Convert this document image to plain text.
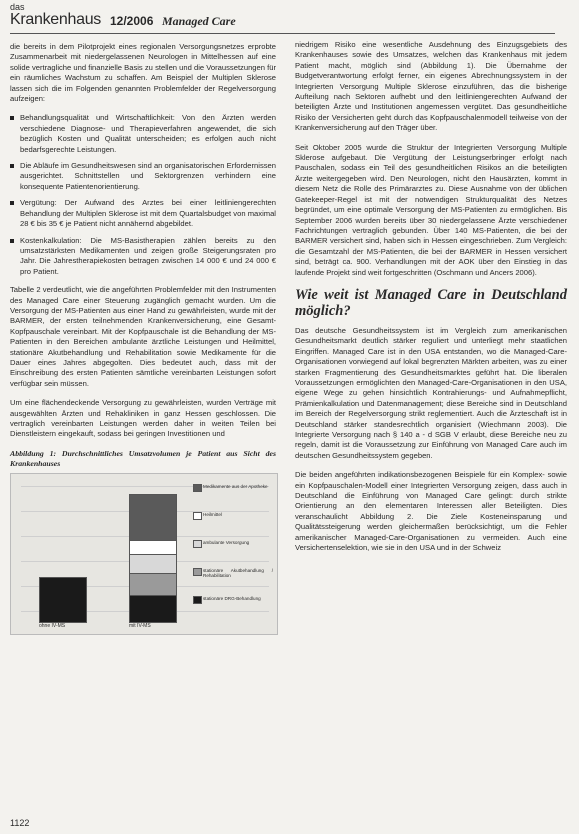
das
Krankenhaus 12/2006 Managed Care

die bereits in dem Pilotprojekt eines regionalen Versorgungsnetzes erprobte Zusammenarbeit mit niedergelassenen Neurologen in Mittelhessen auf eine solide vertragliche und finanzielle Basis zu stellen und die Voraussetzungen für ein räumliches Wachstum zu schaffen. Am Beispiel der Multiplen Sklerose lassen sich die im Folgenden genannten Problemfelder der Regelversorgung aufzeigen:

Behandlungsqualität und Wirtschaftlichkeit: Von den Ärzten werden verschiedene Diagnose- und Therapieverfahren angewendet, die sich bezüglich Kosten und Qualität unterscheiden; es erfolgen auch nicht bedarfsgerechte Leistungen.
Die Abläufe im Gesundheitswesen sind an organisatorischen Erfordernissen ausgerichtet. Schnittstellen und Sektorgrenzen verhindern eine konsequente Patientenorientierung.
Vergütung: Der Aufwand des Arztes bei einer leitliniengerechten Behandlung der Multiplen Sklerose ist mit dem Quartalsbudget von maximal 28 € bis 35 € je Patient nicht annähernd abgebildet.
Kostenkalkulation: Die MS-Basistherapien zählen bereits zu den umsatzstärksten Medikamenten und zeigen große Steigerungsraten pro Jahr. Die Jahrestherapiekosten betragen zwischen 14 000 € und 24 000 € pro Patient.

Tabelle 2 verdeutlicht, wie die angeführten Problemfelder mit den Instrumenten des Managed Care einer Steuerung zugänglich gemacht wurden. Um die Versorgung der MS-Patienten aus einer Hand zu gewährleisten, wurde mit der BARMER, der ersten teilnehmenden Krankenversicherung, eine Gesamt-Kopfpauschale vereinbart. Mit der Kopfpauschale ist die Behandlung der MS-Patienten in den Bereichen ambulante ärztliche Leistungen und Heilmittel, stationäre Akutbehandlung und Rehabilitation sowie Medikamente für die Dauer eines Jahres abgegolten. Dies bedeutet auch, dass mit der Einschreibung des ersten Patienten sämtliche vereinbarten Leistungen sofort verfügbar sein müssen.

Um eine flächendeckende Versorgung zu gewährleisten, wurden Verträge mit ausgewählten Ärzten und Rehakliniken in ganz Hessen geschlossen. Die vertraglich vereinbarten Leistungen werden daher in weiten Teilen bei Dienstleistern eingekauft, sodass bei geringen Investitionen und

Abbildung 1: Durchschnittliches Umsatzvolumen je Patient aus Sicht des Krankenhauses
Medikamente aus der Apotheke
Heilmittel
ambulante Versorgung
stationäre Akutbehandlung / Rehabilitation
stationäre DRG-Behandlung
ohne IV-MS	mit IV-MS

niedrigem Risiko eine wesentliche Ausdehnung des Einzugsgebiets des Krankenhauses sowie des Umsatzes, welchen das Krankenhaus mit jedem Patient macht, möglich sind (Abbildung 1). Die Übernahme der Budgetverantwortung erfolgt ferner, ein eigenes Abrechnungssystem in der Integrierten Versorgung Multiple Sklerose einzuführen, das die bisherige Aufteilung nach Sektoren aufhebt und den leitliniengerechten Aufwand der beteiligten Ärzte und Institutionen angemessen vergütet. Das gesundheitliche Risiko der Versicherten geht durch das Kopfpauschalenmodell teilweise von der Krankenversicherung auf den Träger über.

Seit Oktober 2005 wurde die Struktur der Integrierten Versorgung Multiple Sklerose aufgebaut. Die Vergütung der Leistungserbringer erfolgt nach Pauschalen, sodass ein Teil des gesundheitlichen Risikos an die beteiligten Ärzte weitergegeben wird. Den Neurologen, nicht den Hausärzten, kommt in diesem Netz die Rolle des Primärarztes zu. Diese Ausnahme von der üblichen Gatekeeper-Regel ist mit der notwendigen Strukturqualität des Netzes begründet, um eine optimale Versorgung der MS-Patienten zu ermöglichen. Bis September 2006 wurden bereits über 30 niedergelassene Ärzte verschiedener Fachrichtungen vertraglich gebunden. Über 140 MS-Patienten, die bei der BARMER versichert sind, haben sich in Hessen eingeschrieben. Zum Vergleich: die Gesamtzahl der MS-Patienten, die bei der BARMER in Hessen versichert sind, beträgt ca. 900. Verhandlungen mit der AOK über den Einstieg in das laufende Projekt sind weit fortgeschritten (Oschmann und Ancers 2006).

Wie weit ist Managed Care in Deutschland möglich?

Das deutsche Gesundheitssystem ist im Vergleich zum amerikanischen Gesundheitsmarkt deutlich stärker reguliert und unterliegt mehr staatlichen Eingriffen. Managed Care ist in den USA entstanden, wo die Managed-Care-Organisationen vorwiegend auf lokal begrenzten Märkten arbeiten, was zu einer starken Fragmentierung des Gesundheitsmarktes geführt hat. Die liberalen Voraussetzungen ermöglichten den Managed-Care-Organisationen in den USA, eigene Wege zu gehen hinsichtlich Kontrahierungs- und Aufnahmepflicht, Prämienkalkulation und Datenmanagement; diese Bereiche sind in Deutschland im Bereich der Regelversorgung strikt reglementiert. Auch die Ärzteschaft ist in Deutschland stärker standesrechtlich organisiert (Wiechmann 2003). Die Integrierte Versorgung nach § 140 a - d SGB V erlaubt, diese Bereiche neu zu regeln, damit ist die Voraussetzung zur Einführung von Managed Care auch im deutschen Gesundheitssystem gegeben.

Die beiden angeführten indikationsbezogenen Beispiele für ein Komplex- sowie ein Kopfpauschalen-Modell einer Integrierten Versorgung zeigen, dass auch in Deutschland die Einführung von Managed Care gelingt: durch strikte Orientierung an den elementaren Interessen aller Beteiligten. Dies veranschaulicht Abbildung 2. Die Ziele Kosteneinsparung und Qualitätssteigerung werden gleichermaßen berücksichtigt, um die Fehler amerikanischer Managed-Care-Organisationen zu vermeiden. Auch eine Versichertenselektion, wie sie in den USA und in der Schweiz

1122
